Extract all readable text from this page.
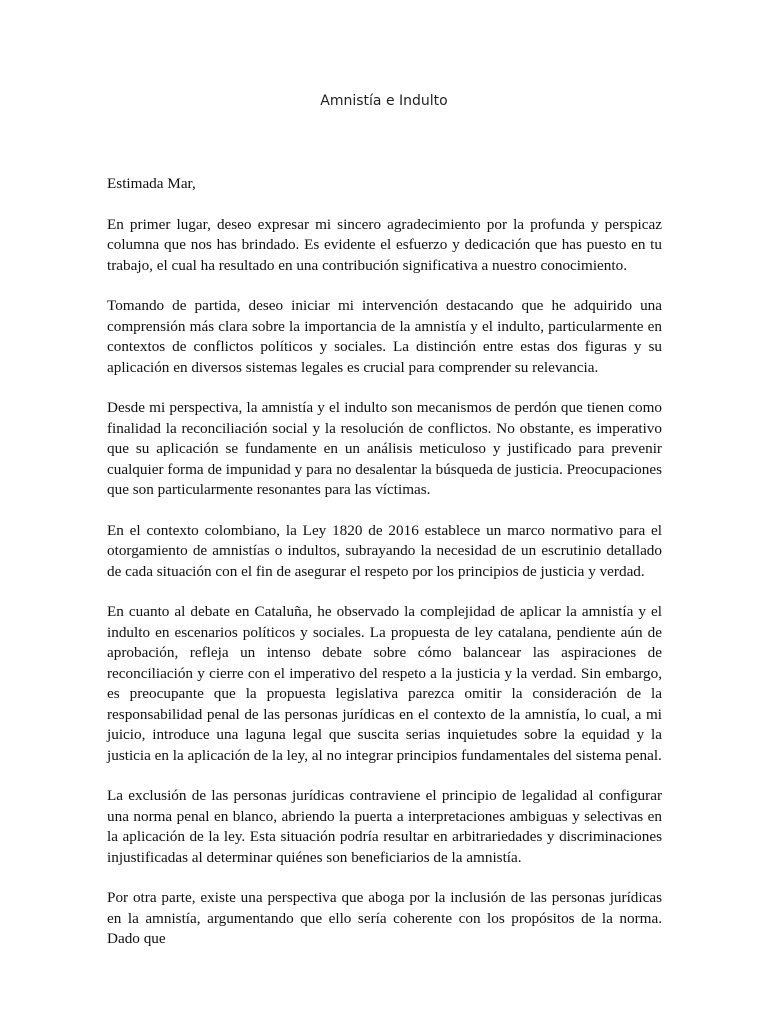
Amnistía e Indulto

Estimada Mar,

En primer lugar, deseo expresar mi sincero agradecimiento por la profunda y perspicaz columna que nos has brindado. Es evidente el esfuerzo y dedicación que has puesto en tu trabajo, el cual ha resultado en una contribución significativa a nuestro conocimiento.

Tomando de partida, deseo iniciar mi intervención destacando que he adquirido una comprensión más clara sobre la importancia de la amnistía y el indulto, particularmente en contextos de conflictos políticos y sociales. La distinción entre estas dos figuras y su aplicación en diversos sistemas legales es crucial para comprender su relevancia.

Desde mi perspectiva, la amnistía y el indulto son mecanismos de perdón que tienen como finalidad la reconciliación social y la resolución de conflictos. No obstante, es imperativo que su aplicación se fundamente en un análisis meticuloso y justificado para prevenir cualquier forma de impunidad y para no desalentar la búsqueda de justicia. Preocupaciones que son particularmente resonantes para las víctimas.

En el contexto colombiano, la Ley 1820 de 2016 establece un marco normativo para el otorgamiento de amnistías o indultos, subrayando la necesidad de un escrutinio detallado de cada situación con el fin de asegurar el respeto por los principios de justicia y verdad.

En cuanto al debate en Cataluña, he observado la complejidad de aplicar la amnistía y el indulto en escenarios políticos y sociales. La propuesta de ley catalana, pendiente aún de aprobación, refleja un intenso debate sobre cómo balancear las aspiraciones de reconciliación y cierre con el imperativo del respeto a la justicia y la verdad. Sin embargo, es preocupante que la propuesta legislativa parezca omitir la consideración de la responsabilidad penal de las personas jurídicas en el contexto de la amnistía, lo cual, a mi juicio, introduce una laguna legal que suscita serias inquietudes sobre la equidad y la justicia en la aplicación de la ley, al no integrar principios fundamentales del sistema penal.

La exclusión de las personas jurídicas contraviene el principio de legalidad al configurar una norma penal en blanco, abriendo la puerta a interpretaciones ambiguas y selectivas en la aplicación de la ley. Esta situación podría resultar en arbitrariedades y discriminaciones injustificadas al determinar quiénes son beneficiarios de la amnistía.

Por otra parte, existe una perspectiva que aboga por la inclusión de las personas jurídicas en la amnistía, argumentando que ello sería coherente con los propósitos de la norma. Dado que
